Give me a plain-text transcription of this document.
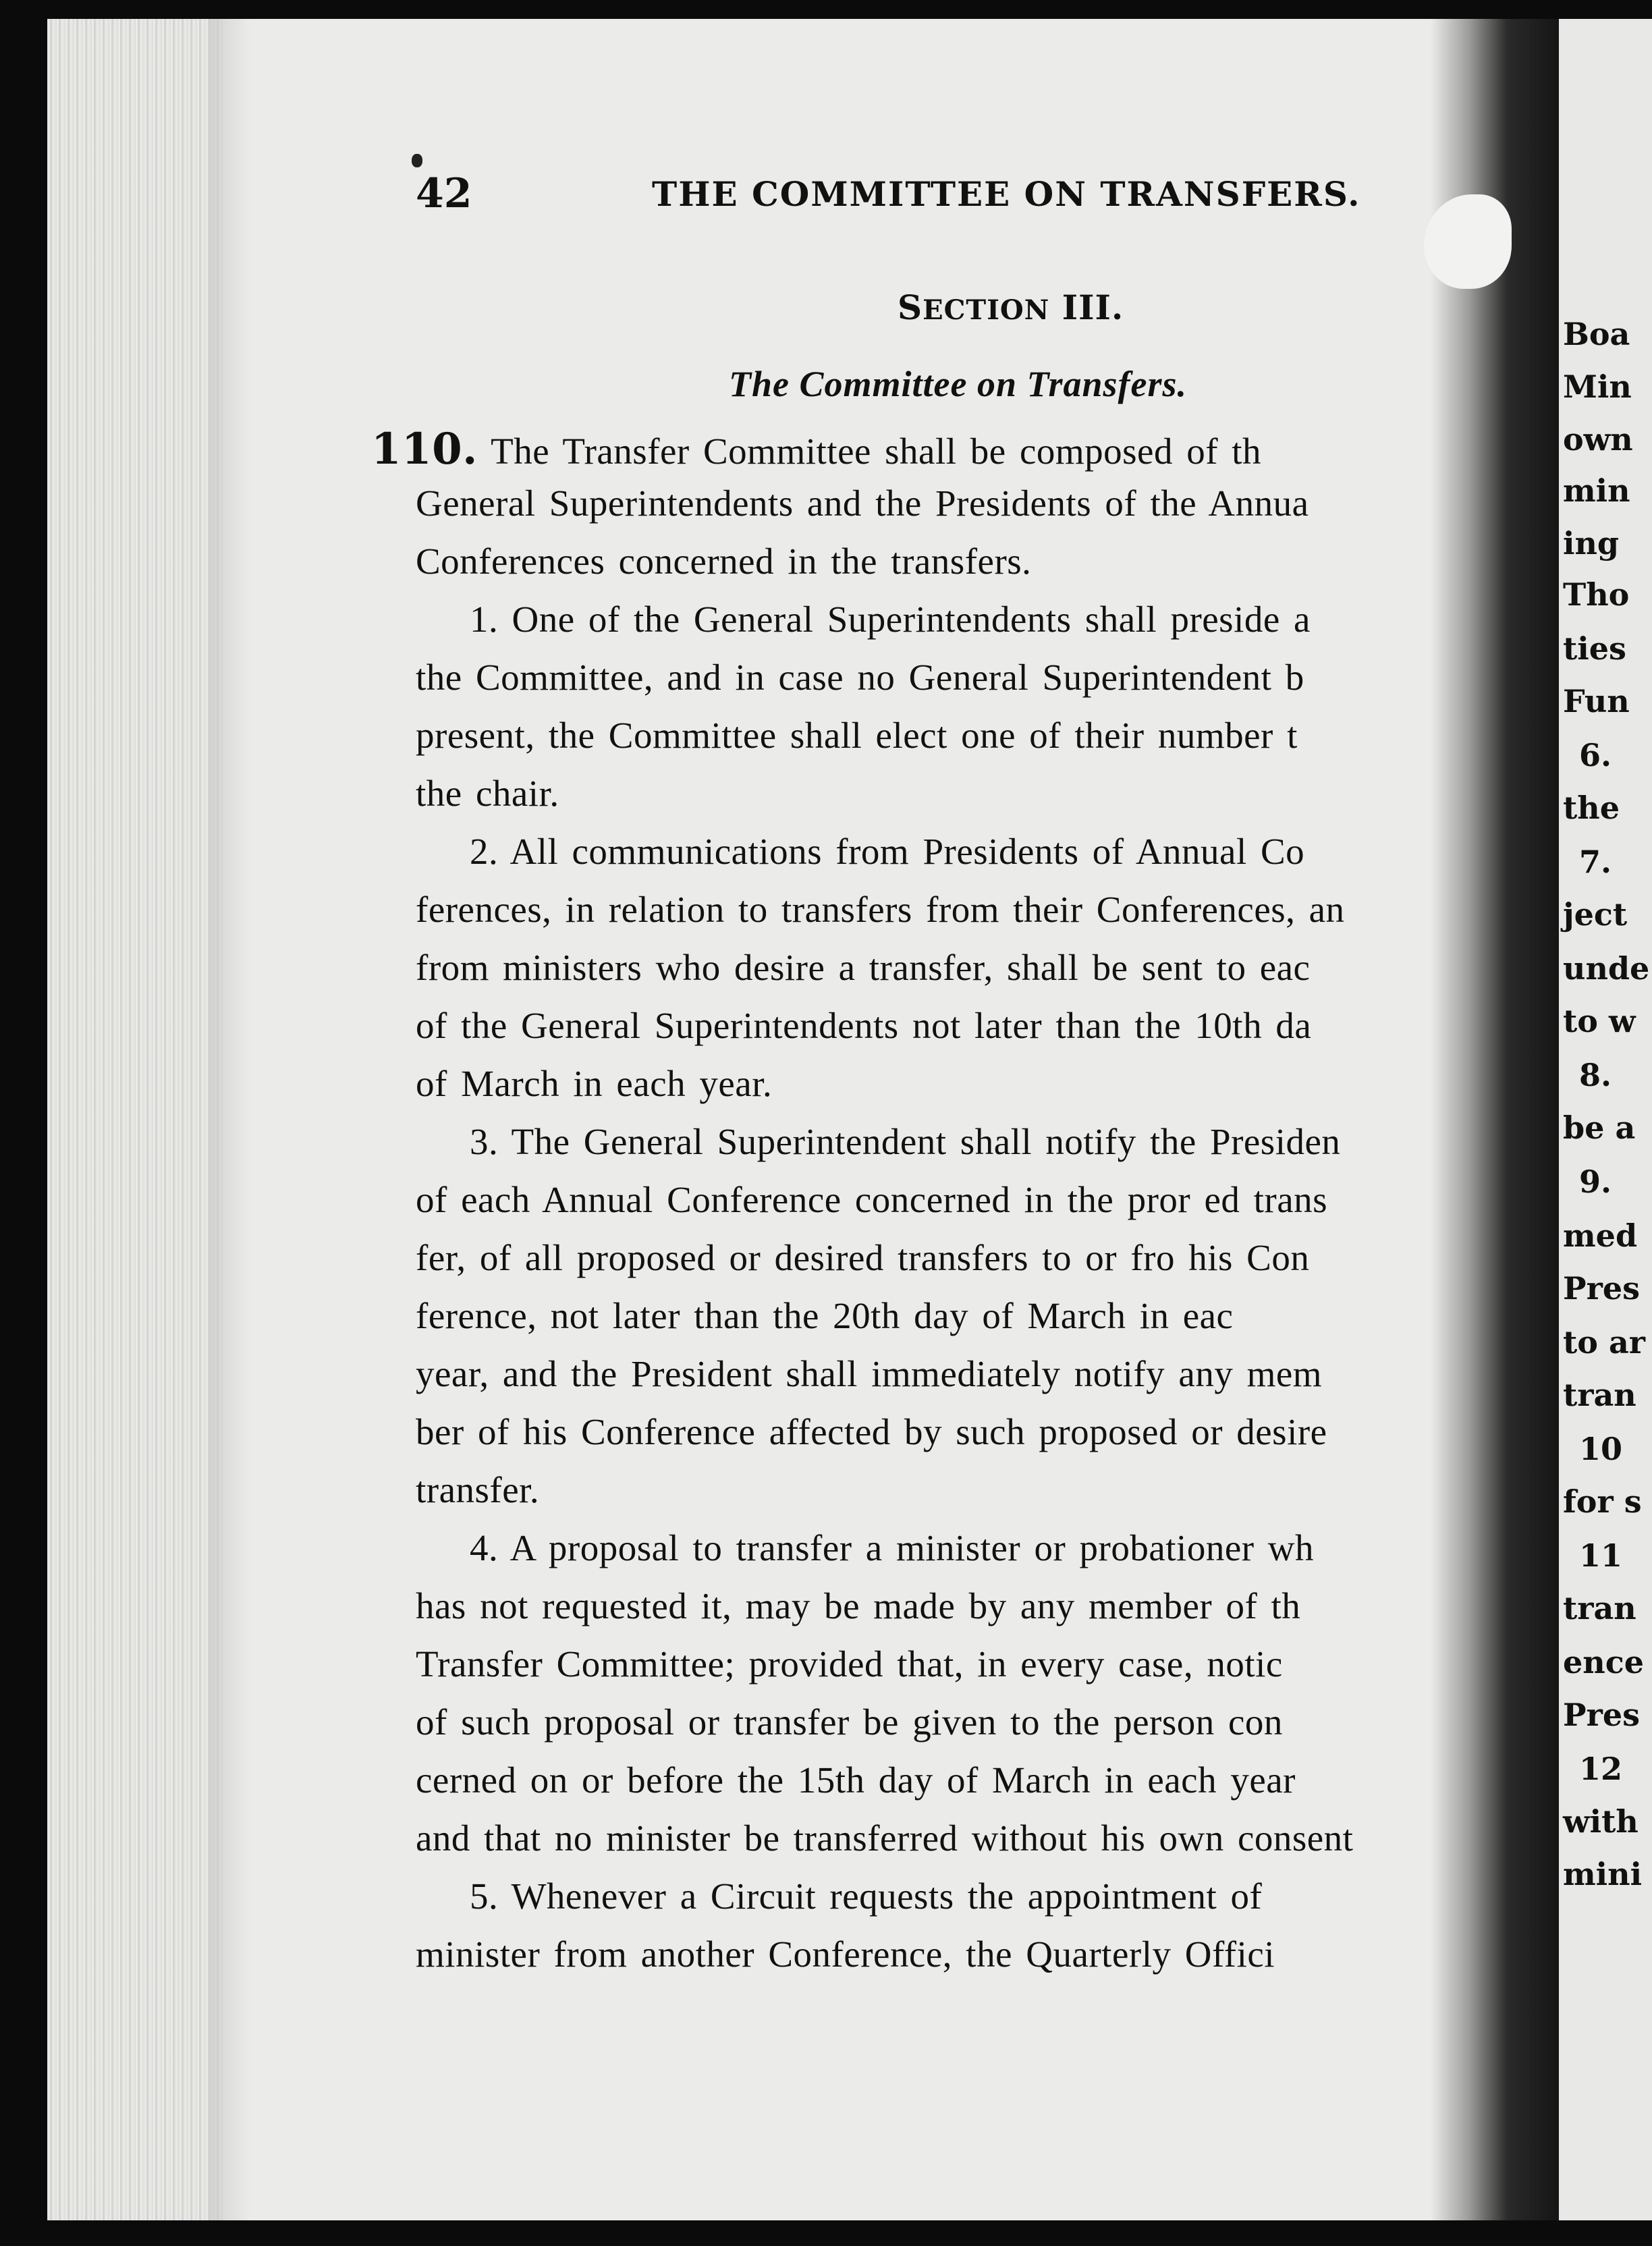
42	THE COMMITTEE ON TRANSFERS.
SECTION III.
The Committee on Transfers.
110. The Transfer Committee shall be composed of th
General Superintendents and the Presidents of the Annua
Conferences concerned in the transfers.
1. One of the General Superintendents shall preside a
the Committee, and in case no General Superintendent b
present, the Committee shall elect one of their number t
the chair.
2. All communications from Presidents of Annual Co
ferences, in relation to transfers from their Conferences, an
from ministers who desire a transfer, shall be sent to eac
of the General Superintendents not later than the 10th da
of March in each year.
3. The General Superintendent shall notify the Presiden
of each Annual Conference concerned in the pror ed trans
fer, of all proposed or desired transfers to or fro his Con
ference, not later than the 20th day of March in eac
year, and the President shall immediately notify any mem
ber of his Conference affected by such proposed or desire
transfer.
4. A proposal to transfer a minister or probationer wh
has not requested it, may be made by any member of th
Transfer Committee; provided that, in every case, notic
of such proposal or transfer be given to the person con
cerned on or before the 15th day of March in each year
and that no minister be transferred without his own consent
5. Whenever a Circuit requests the appointment of
minister from another Conference, the Quarterly Offici
Boa
Min
own
min
ing
Tho
ties
Fun
6.
the
7.
ject
unde
to w
8.
be a
9.
med
Pres
to ar
tran
10
for s
11
tran
ence
Pres
12
with
mini
